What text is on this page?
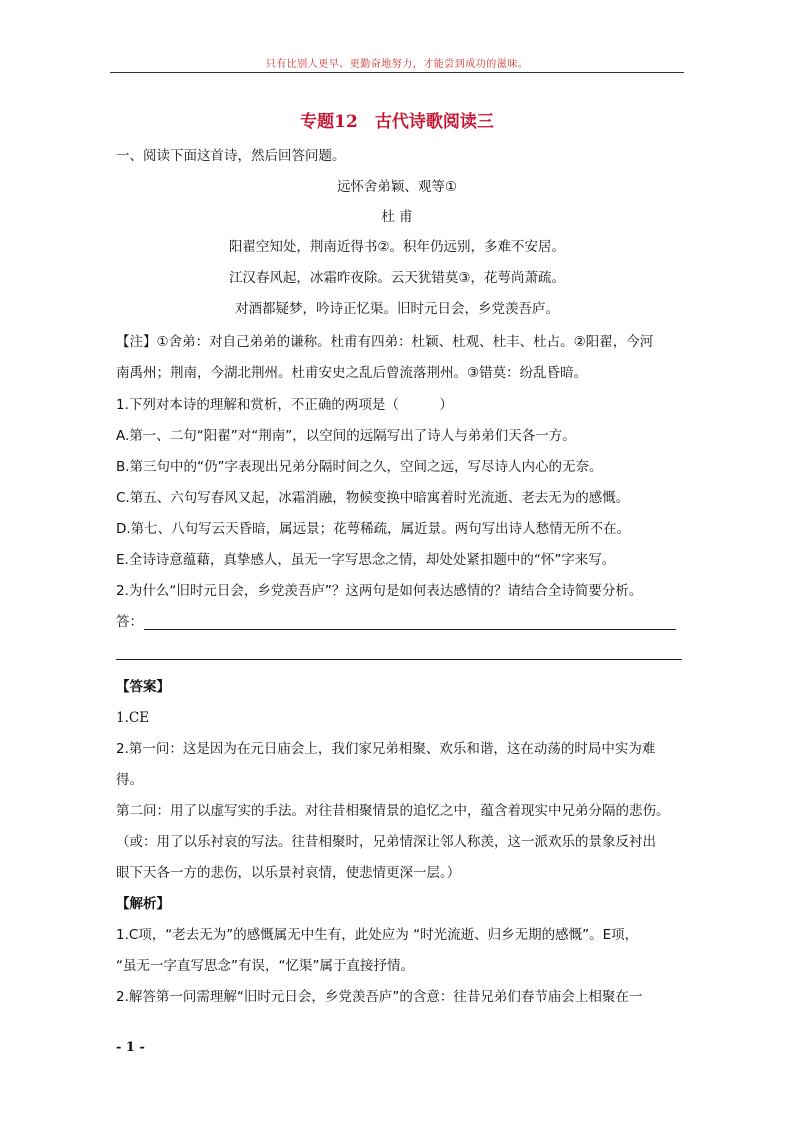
只有比别人更早、更勤奋地努力，才能尝到成功的滋味。
专题12　古代诗歌阅读三
一、阅读下面这首诗，然后回答问题。
远怀舍弟颖、观等①
杜 甫
阳翟空知处，荆南近得书②。积年仍远别，多难不安居。
江汉春风起，冰霜昨夜除。云天犹错莫③，花萼尚萧疏。
对酒都疑梦，吟诗正忆渠。旧时元日会，乡党羡吾庐。
【注】①舍弟：对自己弟弟的谦称。杜甫有四弟：杜颖、杜观、杜丰、杜占。②阳翟，今河
南禹州；荆南，今湖北荆州。杜甫安史之乱后曾流落荆州。③错莫：纷乱昏暗。
1.下列对本诗的理解和赏析，不正确的两项是（　　　）
A.第一、二句“阳翟”对“荆南”，以空间的远隔写出了诗人与弟弟们天各一方。
B.第三句中的“仍”字表现出兄弟分隔时间之久，空间之远，写尽诗人内心的无奈。
C.第五、六句写春风又起，冰霜消融，物候变换中暗寓着时光流逝、老去无为的感慨。
D.第七、八句写云天昏暗，属远景；花萼稀疏，属近景。两句写出诗人愁情无所不在。
E.全诗诗意蕴藉，真挚感人，虽无一字写思念之情，却处处紧扣题中的“怀”字来写。
2.为什么“旧时元日会，乡党羡吾庐”？这两句是如何表达感情的？请结合全诗简要分析。
答：
【答案】
1.CE
2.第一问：这是因为在元日庙会上，我们家兄弟相聚、欢乐和谐，这在动荡的时局中实为难
得。
第二问：用了以虚写实的手法。对往昔相聚情景的追忆之中，蕴含着现实中兄弟分隔的悲伤。
（或：用了以乐衬哀的写法。往昔相聚时，兄弟情深让邻人称羡，这一派欢乐的景象反衬出
眼下天各一方的悲伤，以乐景衬哀情，使悲情更深一层。）
【解析】
1.C项，“老去无为”的感慨属无中生有，此处应为 “时光流逝、归乡无期的感慨”。E项，
“虽无一字直写思念”有误，“忆渠”属于直接抒情。
2.解答第一问需理解“旧时元日会，乡党羡吾庐”的含意：往昔兄弟们春节庙会上相聚在一
- 1 -
